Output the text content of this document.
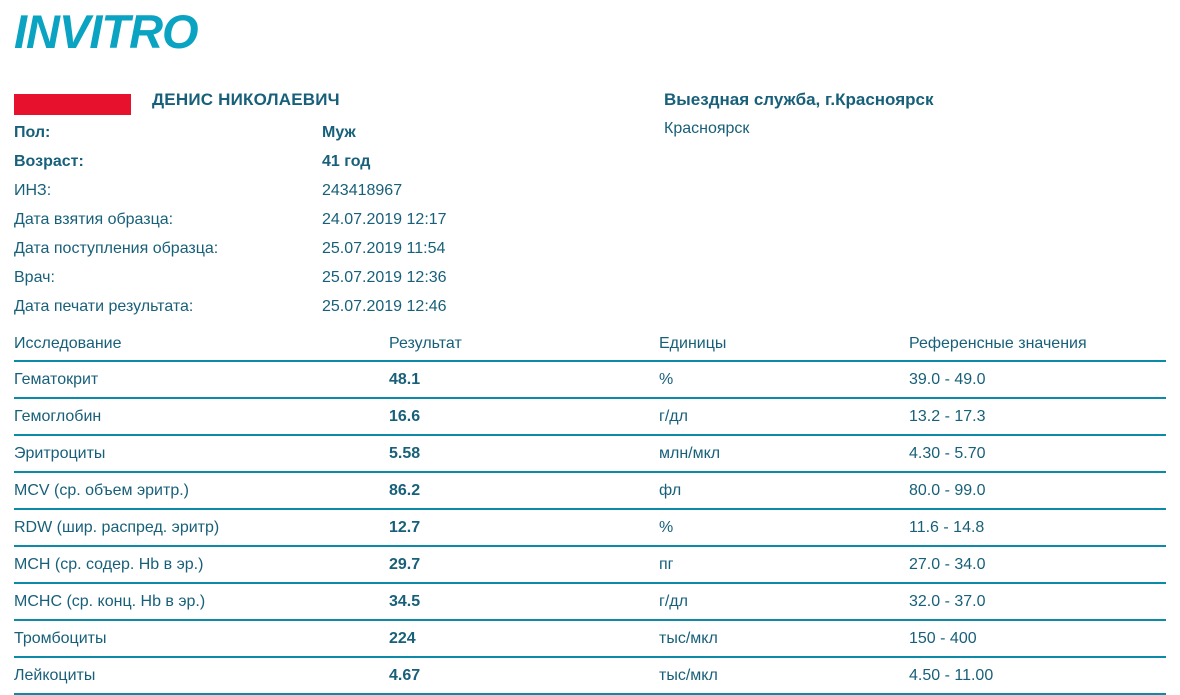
INVITRO
ДЕНИС НИКОЛАЕВИЧ	Выездная служба, г.Красноярск
Красноярск
Пол:	Муж
Возраст:	41 год
ИНЗ:	243418967
Дата взятия образца:	24.07.2019 12:17
Дата поступления образца:	25.07.2019 11:54
Врач:	25.07.2019 12:36
Дата печати результата:	25.07.2019 12:46
Исследование	Результат	Единицы	Референсные значения
Гематокрит	48.1	%	39.0 - 49.0
Гемоглобин	16.6	г/дл	13.2 - 17.3
Эритроциты	5.58	млн/мкл	4.30 - 5.70
MCV (ср. объем эритр.)	86.2	фл	80.0 - 99.0
RDW (шир. распред. эритр)	12.7	%	11.6 - 14.8
MCH (ср. содер. Hb в эр.)	29.7	пг	27.0 - 34.0
MCHC (ср. конц. Hb в эр.)	34.5	г/дл	32.0 - 37.0
Тромбоциты	224	тыс/мкл	150 - 400
Лейкоциты	4.67	тыс/мкл	4.50 - 11.00
